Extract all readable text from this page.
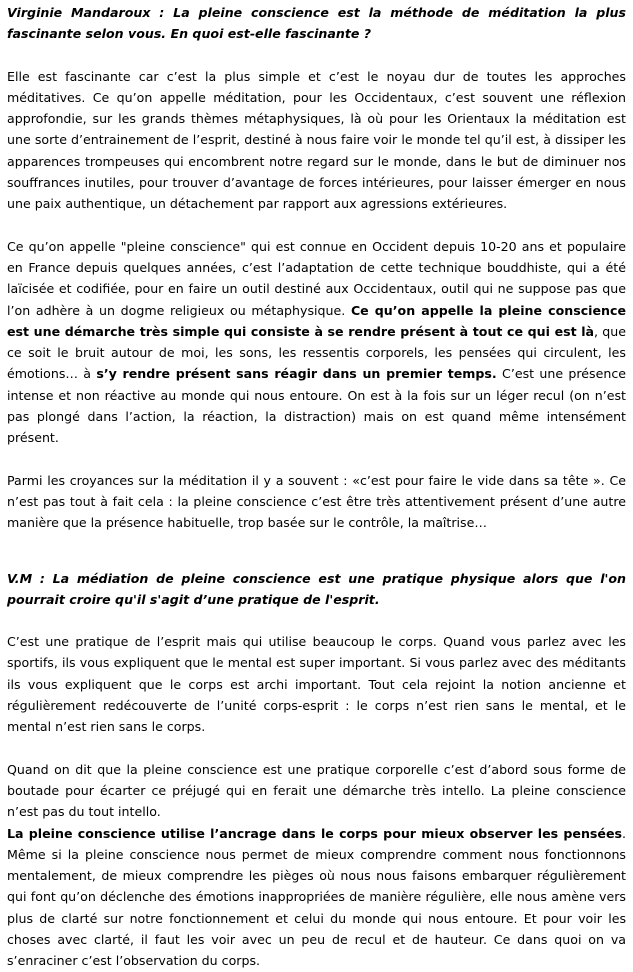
Virginie Mandaroux : La pleine conscience est la méthode de méditation la plus fascinante selon vous. En quoi est-elle fascinante ?

Elle est fascinante car c’est la plus simple et c’est le noyau dur de toutes les approches méditatives. Ce qu’on appelle méditation, pour les Occidentaux, c’est souvent une réflexion approfondie, sur les grands thèmes métaphysiques, là où pour les Orientaux la méditation est une sorte d’entrainement de l’esprit, destiné à nous faire voir le monde tel qu’il est, à dissiper les apparences trompeuses qui encombrent notre regard sur le monde, dans le but de diminuer nos souffrances inutiles, pour trouver d’avantage de forces intérieures, pour laisser émerger en nous une paix authentique, un détachement par rapport aux agressions extérieures.

Ce qu’on appelle "pleine conscience" qui est connue en Occident depuis 10-20 ans et populaire en France depuis quelques années, c’est l’adaptation de cette technique bouddhiste, qui a été laïcisée et codifiée, pour en faire un outil destiné aux Occidentaux, outil qui ne suppose pas que l’on adhère à un dogme religieux ou métaphysique. Ce qu’on appelle la pleine conscience est une démarche très simple qui consiste à se rendre présent à tout ce qui est là, que ce soit le bruit autour de moi, les sons, les ressentis corporels, les pensées qui circulent, les émotions… à s’y rendre présent sans réagir dans un premier temps. C’est une présence intense et non réactive au monde qui nous entoure. On est à la fois sur un léger recul (on n’est pas plongé dans l’action, la réaction, la distraction) mais on est quand même intensément présent.

Parmi les croyances sur la méditation il y a souvent : «c’est pour faire le vide dans sa tête ». Ce n’est pas tout à fait cela : la pleine conscience c’est être très attentivement présent d’une autre manière que la présence habituelle, trop basée sur le contrôle, la maîtrise…

V.M : La médiation de pleine conscience est une pratique physique alors que l'on pourrait croire qu'il s'agit d’une pratique de l'esprit.

C’est une pratique de l’esprit mais qui utilise beaucoup le corps. Quand vous parlez avec les sportifs, ils vous expliquent que le mental est super important. Si vous parlez avec des méditants ils vous expliquent que le corps est archi important. Tout cela rejoint la notion ancienne et régulièrement redécouverte de l’unité corps-esprit : le corps n’est rien sans le mental, et le mental n’est rien sans le corps.

Quand on dit que la pleine conscience est une pratique corporelle c’est d’abord sous forme de boutade pour écarter ce préjugé qui en ferait une démarche très intello. La pleine conscience n’est pas du tout intello.

La pleine conscience utilise l’ancrage dans le corps pour mieux observer les pensées. Même si la pleine conscience nous permet de mieux comprendre comment nous fonctionnons mentalement, de mieux comprendre les pièges où nous nous faisons embarquer régulièrement qui font qu’on déclenche des émotions inappropriées de manière régulière, elle nous amène vers plus de clarté sur notre fonctionnement et celui du monde qui nous entoure. Et pour voir les choses avec clarté, il faut les voir avec un peu de recul et de hauteur. Ce dans quoi on va s’enraciner c’est l’observation du corps.
